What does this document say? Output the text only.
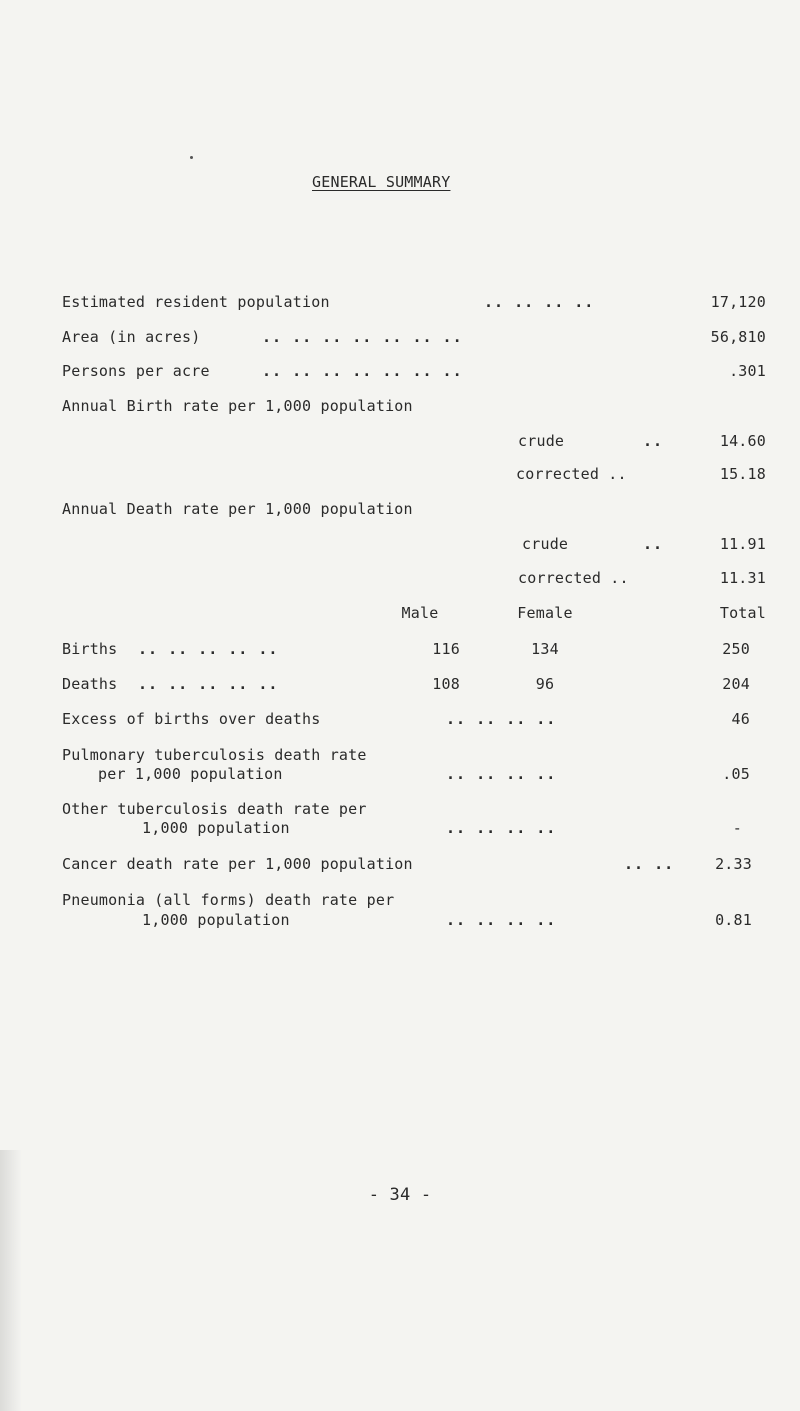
GENERAL SUMMARY
Estimated resident population	.. .. .. ..	17,120
Area (in acres)	.. .. .. .. .. .. ..	56,810
Persons per acre	.. .. .. .. .. .. ..	.301
Annual Birth rate per 1,000 population
crude	..	14.60
corrected ..	15.18
Annual Death rate per 1,000 population
crude	..	11.91
corrected ..	11.31
Male	Female	Total
Births .. .. .. .. ..	116	134	250
Deaths .. .. .. .. ..	108	96	204
Excess of births over deaths	.. .. .. ..	46
Pulmonary tuberculosis death rate
per 1,000 population	.. .. .. ..	.05
Other tuberculosis death rate per
1,000 population	.. .. .. ..	-
Cancer death rate per 1,000 population	.. ..	2.33
Pneumonia (all forms) death rate per
1,000 population	.. .. .. ..	0.81
- 34 -
